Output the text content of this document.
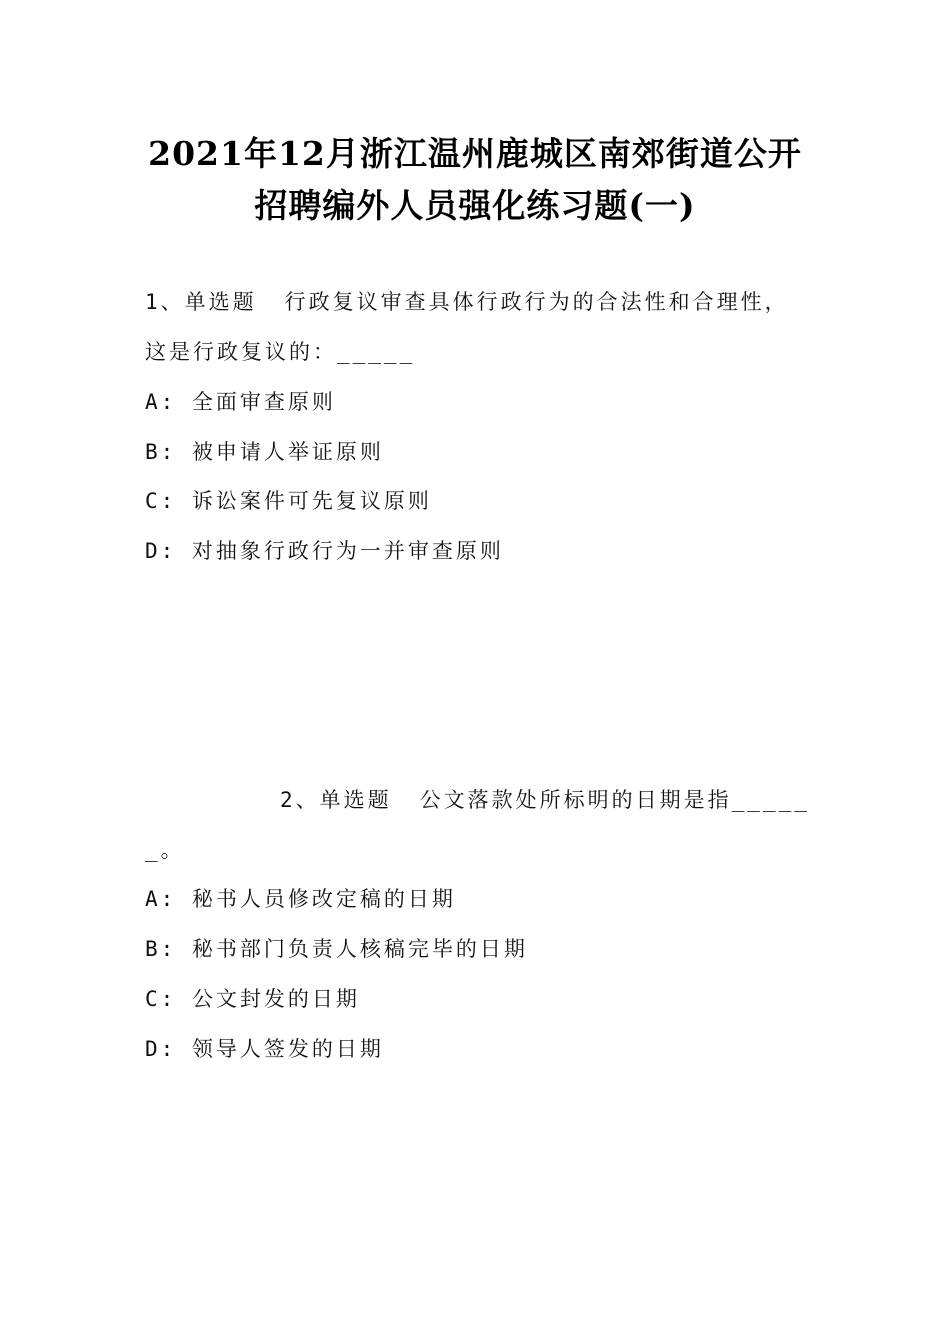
2021年12月浙江温州鹿城区南郊街道公开
招聘编外人员强化练习题(一)
1、单选题 行政复议审查具体行政行为的合法性和合理性，
这是行政复议的：_____
A: 全面审查原则
B: 被申请人举证原则
C: 诉讼案件可先复议原则
D: 对抽象行政行为一并审查原则
2、单选题 公文落款处所标明的日期是指_____
_。
A: 秘书人员修改定稿的日期
B: 秘书部门负责人核稿完毕的日期
C: 公文封发的日期
D: 领导人签发的日期
